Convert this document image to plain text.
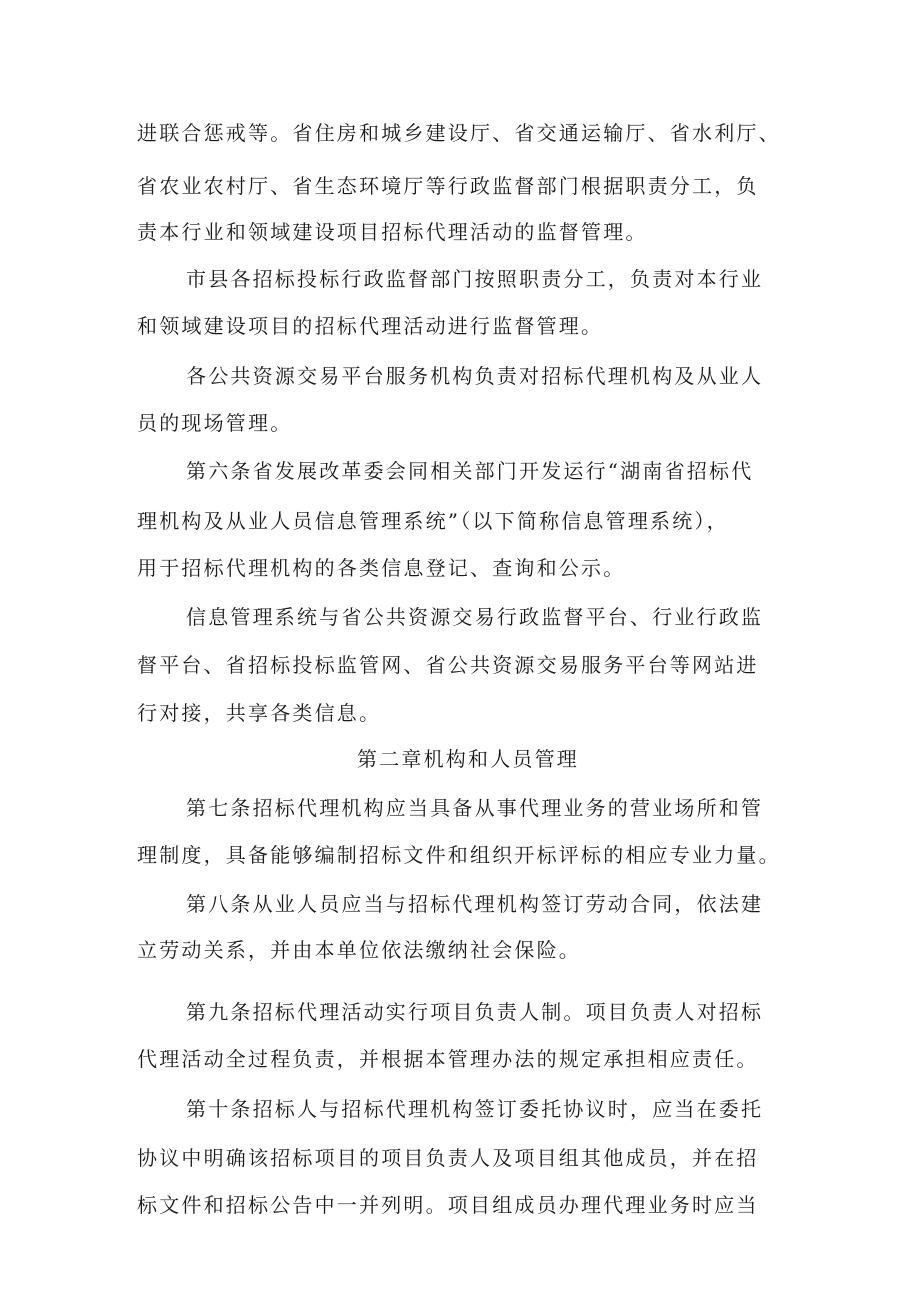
进联合惩戒等。省住房和城乡建设厅、省交通运输厅、省水利厅、
省农业农村厅、省生态环境厅等行政监督部门根据职责分工，负
责本行业和领域建设项目招标代理活动的监督管理。
市县各招标投标行政监督部门按照职责分工，负责对本行业
和领域建设项目的招标代理活动进行监督管理。
各公共资源交易平台服务机构负责对招标代理机构及从业人
员的现场管理。
第六条省发展改革委会同相关部门开发运行“湖南省招标代
理机构及从业人员信息管理系统”（以下简称信息管理系统），
用于招标代理机构的各类信息登记、查询和公示。
信息管理系统与省公共资源交易行政监督平台、行业行政监
督平台、省招标投标监管网、省公共资源交易服务平台等网站进
行对接，共享各类信息。
第二章机构和人员管理
第七条招标代理机构应当具备从事代理业务的营业场所和管
理制度，具备能够编制招标文件和组织开标评标的相应专业力量。
第八条从业人员应当与招标代理机构签订劳动合同，依法建
立劳动关系，并由本单位依法缴纳社会保险。
第九条招标代理活动实行项目负责人制。项目负责人对招标
代理活动全过程负责，并根据本管理办法的规定承担相应责任。
第十条招标人与招标代理机构签订委托协议时，应当在委托
协议中明确该招标项目的项目负责人及项目组其他成员，并在招
标文件和招标公告中一并列明。项目组成员办理代理业务时应当
